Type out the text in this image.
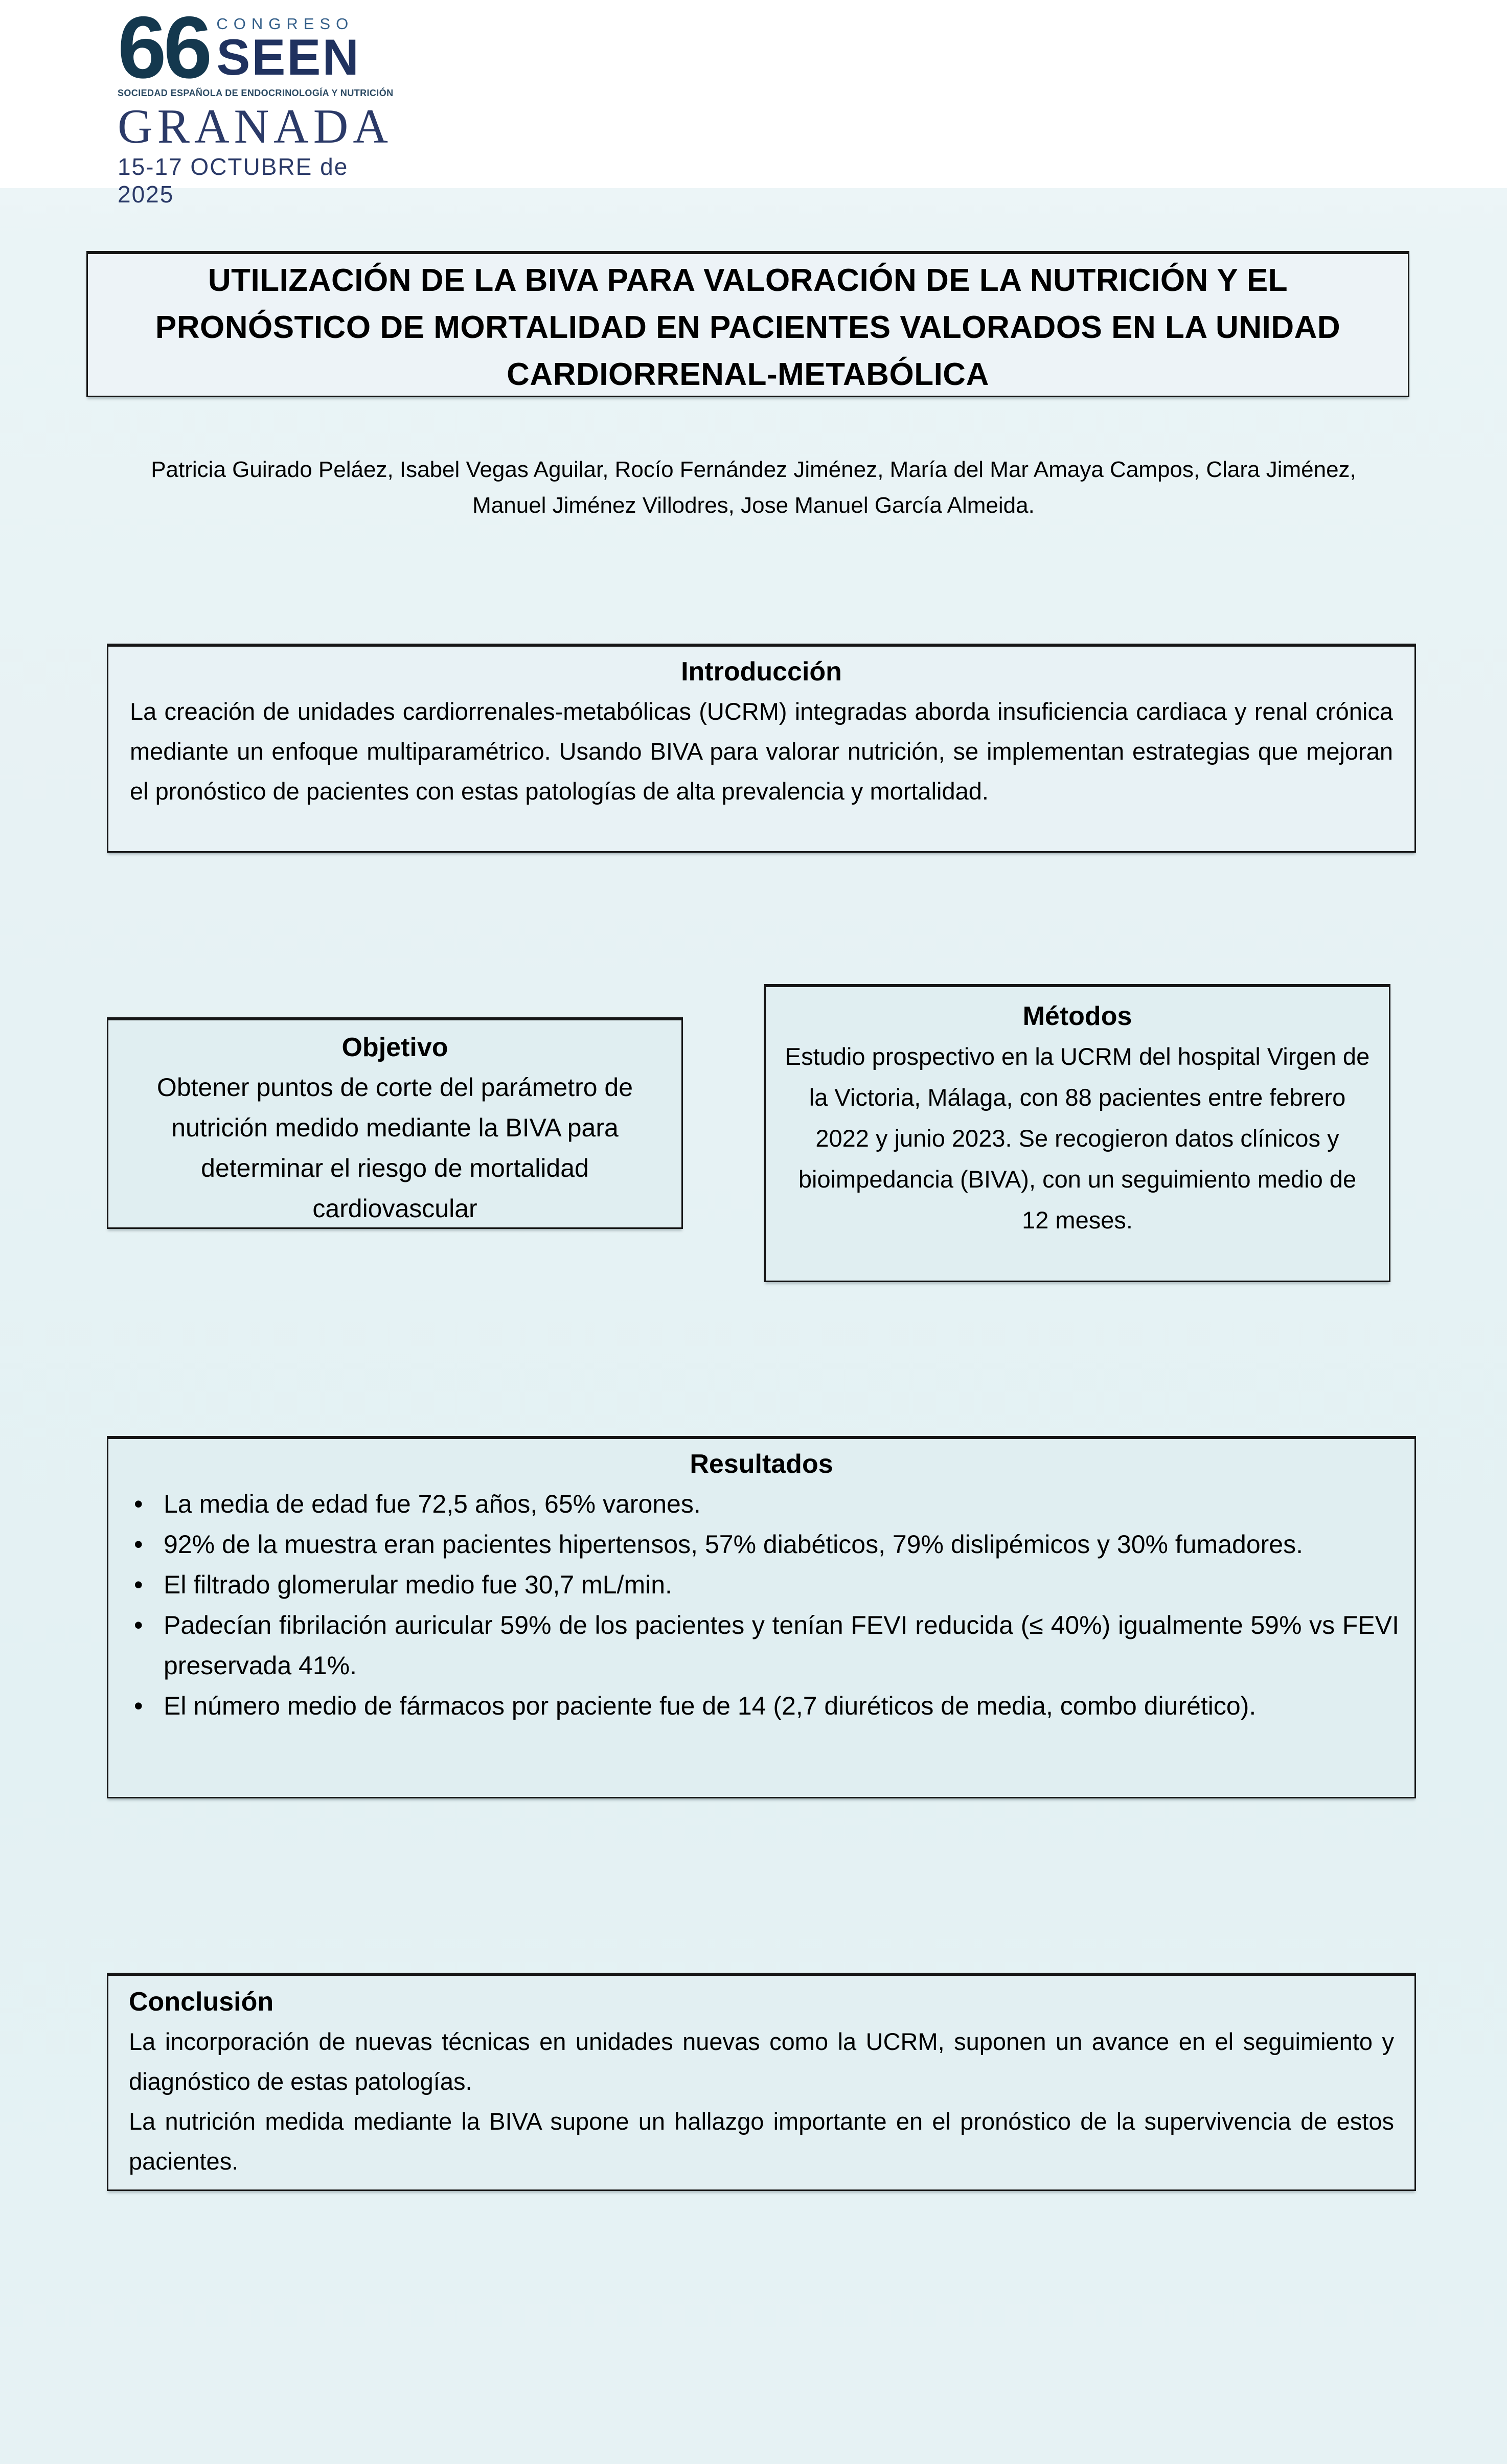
66 CONGRESO
SEEN
SOCIEDAD ESPAÑOLA DE ENDOCRINOLOGÍA Y NUTRICIÓN
GRANADA
15-17 OCTUBRE de 2025
UTILIZACIÓN DE LA BIVA PARA VALORACIÓN DE LA NUTRICIÓN Y EL
PRONÓSTICO DE MORTALIDAD EN PACIENTES VALORADOS EN LA UNIDAD
CARDIORRENAL-METABÓLICA
Patricia Guirado Peláez, Isabel Vegas Aguilar, Rocío Fernández Jiménez, María del Mar Amaya Campos, Clara Jiménez, Manuel Jiménez Villodres, Jose Manuel García Almeida.
Introducción
La creación de unidades cardiorrenales-metabólicas (UCRM) integradas aborda insuficiencia cardiaca y renal crónica mediante un enfoque multiparamétrico. Usando BIVA para valorar nutrición, se implementan estrategias que mejoran el pronóstico de pacientes con estas patologías de alta prevalencia y mortalidad.
Objetivo
Obtener puntos de corte del parámetro de nutrición medido mediante la BIVA para determinar el riesgo de mortalidad cardiovascular
Métodos
Estudio prospectivo en la UCRM del hospital Virgen de la Victoria, Málaga, con 88 pacientes entre febrero 2022 y junio 2023. Se recogieron datos clínicos y bioimpedancia (BIVA), con un seguimiento medio de 12 meses.
Resultados
• La media de edad fue 72,5 años, 65% varones.
• 92% de la muestra eran pacientes hipertensos, 57% diabéticos, 79% dislipémicos y 30% fumadores.
• El filtrado glomerular medio fue 30,7 mL/min.
• Padecían fibrilación auricular 59% de los pacientes y tenían FEVI reducida (≤ 40%) igualmente 59% vs FEVI preservada 41%.
• El número medio de fármacos por paciente fue de 14 (2,7 diuréticos de media, combo diurético).
Conclusión

La incorporación de nuevas técnicas en unidades nuevas como la UCRM, suponen un avance en el seguimiento y diagnóstico de estas patologías.

La nutrición medida mediante la BIVA supone un hallazgo importante en el pronóstico de la supervivencia de estos pacientes.
